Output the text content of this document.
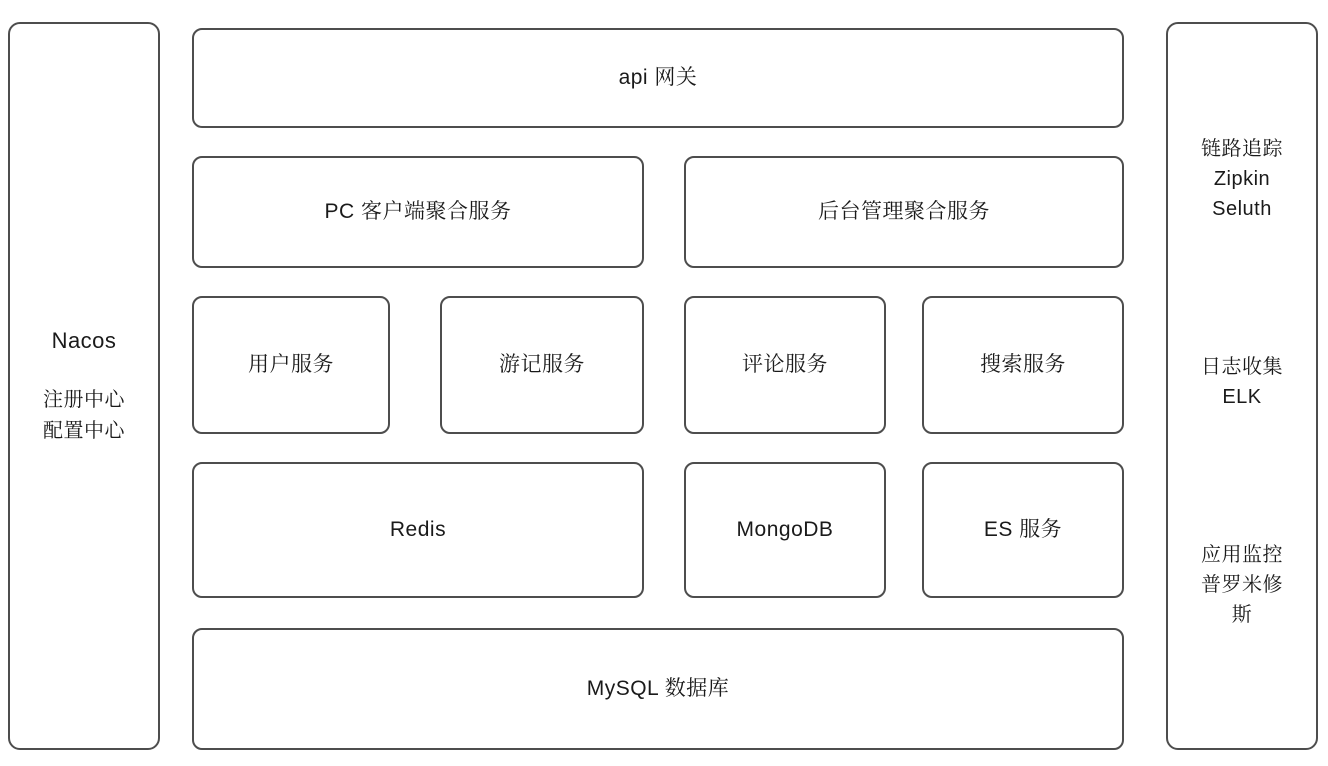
Nacos
注册中心
配置中心
api 网关
PC 客户端聚合服务	后台管理聚合服务
用户服务	游记服务	评论服务	搜索服务
Redis	MongoDB	ES 服务
MySQL 数据库
链路追踪
Zipkin
Seluth
日志收集
ELK
应用监控
普罗米修
斯
